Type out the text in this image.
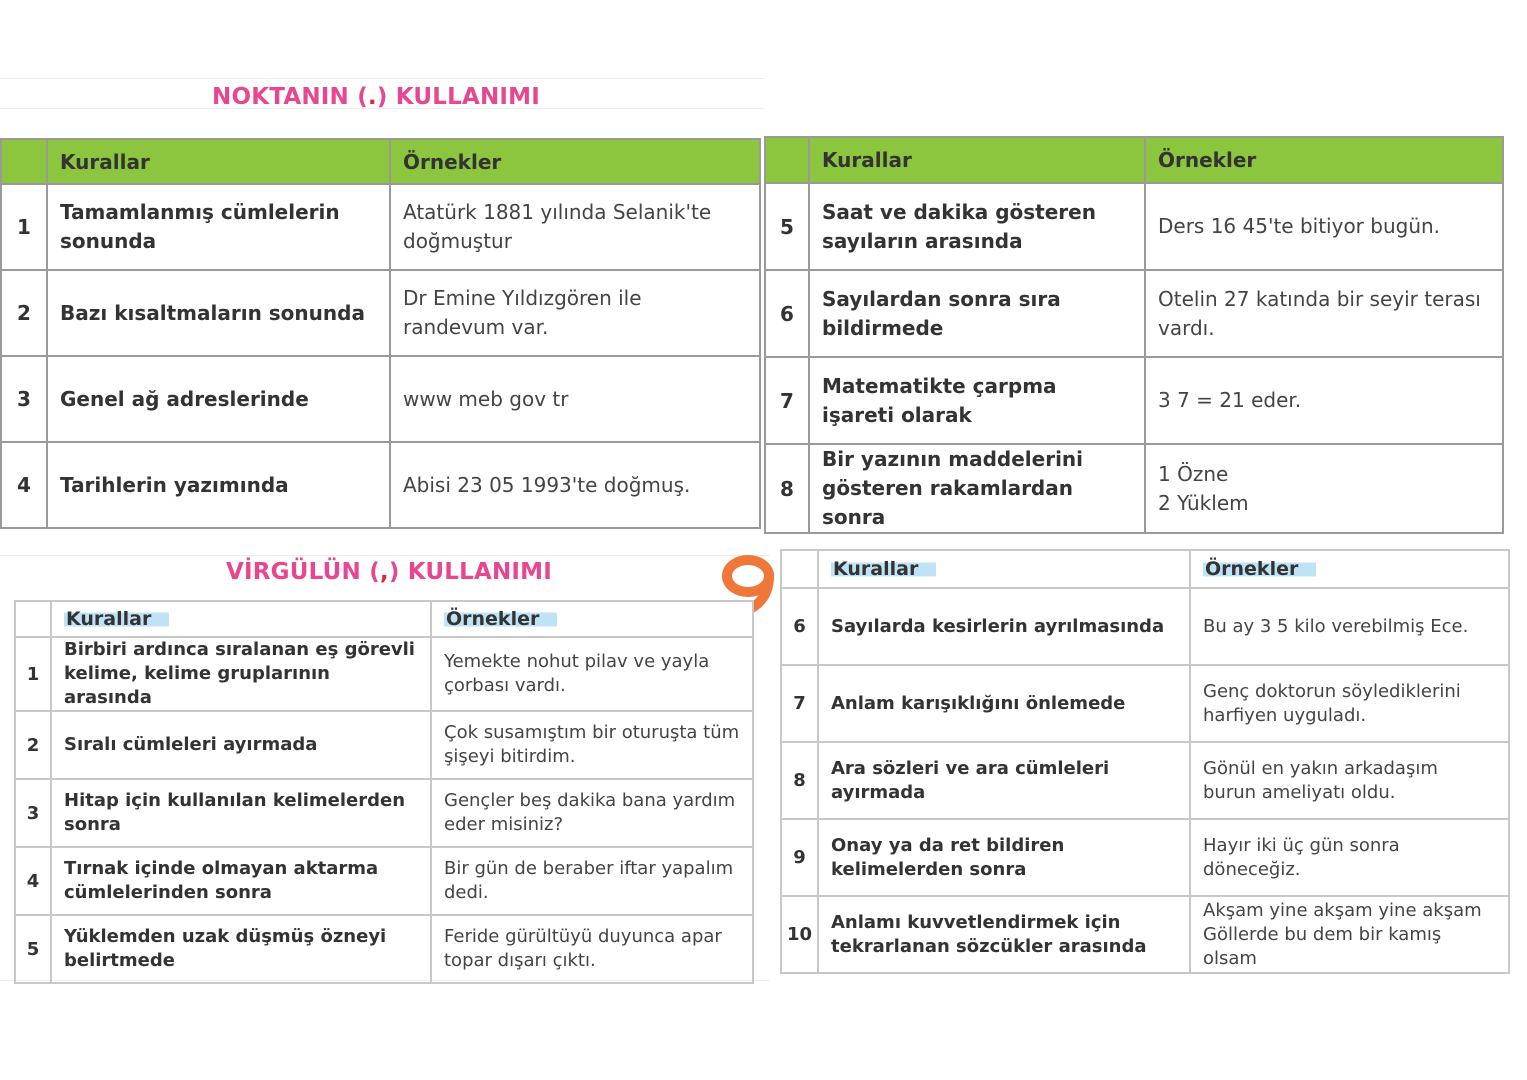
NOKTANIN (.) KULLANIMI
	Kurallar	Örnekler
1	Tamamlanmış cümlelerin sonunda	Atatürk 1881 yılında Selanik'te doğmuştur
2	Bazı kısaltmaların sonunda	Dr Emine Yıldızgören ile randevum var.
3	Genel ağ adreslerinde	www meb gov tr
4	Tarihlerin yazımında	Abisi 23 05 1993'te doğmuş.
	Kurallar	Örnekler
5	Saat ve dakika gösteren sayıların arasında	Ders 16 45'te bitiyor bugün.
6	Sayılardan sonra sıra bildirmede	Otelin 27 katında bir seyir terası vardı.
7	Matematikte çarpma işareti olarak	3 7 = 21 eder.
8	Bir yazının maddelerini gösteren rakamlardan sonra	1 Özne
2 Yüklem
VİRGÜLÜN (,) KULLANIMI
9
	Kurallar	Örnekler
1	Birbiri ardınca sıralanan eş görevli kelime, kelime gruplarının arasında	Yemekte nohut pilav ve yayla çorbası vardı.
2	Sıralı cümleleri ayırmada	Çok susamıştım bir oturuşta tüm şişeyi bitirdim.
3	Hitap için kullanılan kelimelerden sonra	Gençler beş dakika bana yardım eder misiniz?
4	Tırnak içinde olmayan aktarma cümlelerinden sonra	Bir gün de beraber iftar yapalım dedi.
5	Yüklemden uzak düşmüş özneyi belirtmede	Feride gürültüyü duyunca apar topar dışarı çıktı.
	Kurallar	Örnekler
6	Sayılarda kesirlerin ayrılmasında	Bu ay 3 5 kilo verebilmiş Ece.
7	Anlam karışıklığını önlemede	Genç doktorun söylediklerini harfiyen uyguladı.
8	Ara sözleri ve ara cümleleri ayırmada	Gönül en yakın arkadaşım burun ameliyatı oldu.
9	Onay ya da ret bildiren kelimelerden sonra	Hayır iki üç gün sonra döneceğiz.
10	Anlamı kuvvetlendirmek için tekrarlanan sözcükler arasında	Akşam yine akşam yine akşam
Göllerde bu dem bir kamış olsam
